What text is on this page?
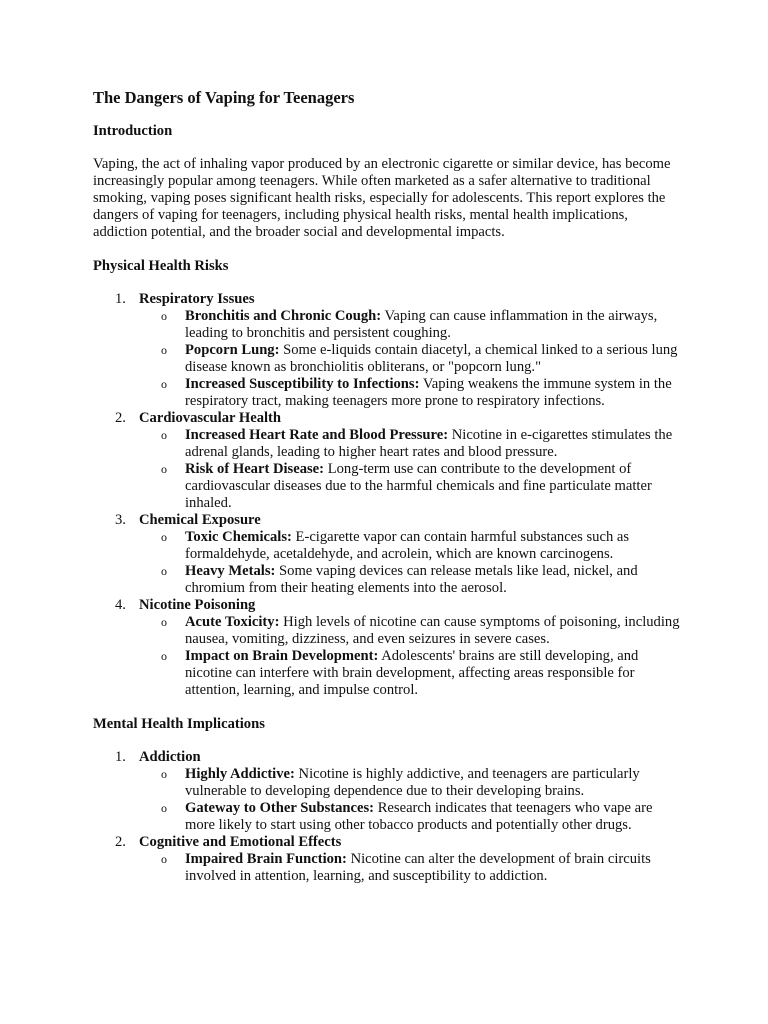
The Dangers of Vaping for Teenagers
Introduction

Vaping, the act of inhaling vapor produced by an electronic cigarette or similar device, has become increasingly popular among teenagers. While often marketed as a safer alternative to traditional smoking, vaping poses significant health risks, especially for adolescents. This report explores the dangers of vaping for teenagers, including physical health risks, mental health implications, addiction potential, and the broader social and developmental impacts.

Physical Health Risks
1. Respiratory Issues
o Bronchitis and Chronic Cough: Vaping can cause inflammation in the airways, leading to bronchitis and persistent coughing.
o Popcorn Lung: Some e-liquids contain diacetyl, a chemical linked to a serious lung disease known as bronchiolitis obliterans, or "popcorn lung."
o Increased Susceptibility to Infections: Vaping weakens the immune system in the respiratory tract, making teenagers more prone to respiratory infections.
2. Cardiovascular Health
o Increased Heart Rate and Blood Pressure: Nicotine in e-cigarettes stimulates the adrenal glands, leading to higher heart rates and blood pressure.
o Risk of Heart Disease: Long-term use can contribute to the development of cardiovascular diseases due to the harmful chemicals and fine particulate matter inhaled.
3. Chemical Exposure
o Toxic Chemicals: E-cigarette vapor can contain harmful substances such as formaldehyde, acetaldehyde, and acrolein, which are known carcinogens.
o Heavy Metals: Some vaping devices can release metals like lead, nickel, and chromium from their heating elements into the aerosol.
4. Nicotine Poisoning
o Acute Toxicity: High levels of nicotine can cause symptoms of poisoning, including nausea, vomiting, dizziness, and even seizures in severe cases.
o Impact on Brain Development: Adolescents' brains are still developing, and nicotine can interfere with brain development, affecting areas responsible for attention, learning, and impulse control.
Mental Health Implications
1. Addiction
o Highly Addictive: Nicotine is highly addictive, and teenagers are particularly vulnerable to developing dependence due to their developing brains.
o Gateway to Other Substances: Research indicates that teenagers who vape are more likely to start using other tobacco products and potentially other drugs.
2. Cognitive and Emotional Effects
o Impaired Brain Function: Nicotine can alter the development of brain circuits involved in attention, learning, and susceptibility to addiction.
